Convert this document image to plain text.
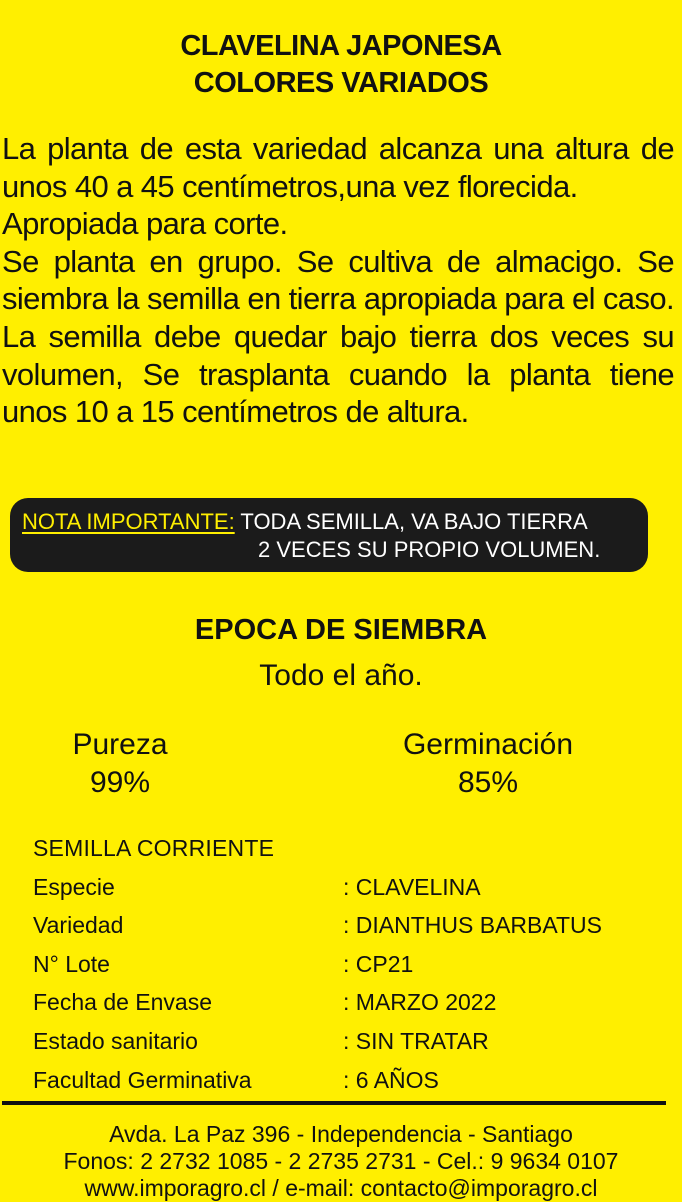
CLAVELINA JAPONESA
COLORES VARIADOS

La planta de esta variedad alcanza una altura de unos 40 a 45 centímetros,una vez florecida.

Apropiada para corte.

Se planta en grupo. Se cultiva de almacigo. Se siembra la semilla en tierra apropiada para el caso. La semilla debe quedar bajo tierra dos veces su volumen, Se trasplanta cuando la planta tiene unos 10 a 15 centímetros de altura.

NOTA IMPORTANTE: TODA SEMILLA, VA BAJO TIERRA
2 VECES SU PROPIO VOLUMEN.
EPOCA DE SIEMBRA
Todo el año.
Pureza
99%
Germinación
85%
SEMILLA CORRIENTE
Especie	: CLAVELINA
Variedad	: DIANTHUS BARBATUS
N° Lote	: CP21
Fecha de Envase	: MARZO 2022
Estado sanitario	: SIN TRATAR
Facultad Germinativa	: 6 AÑOS
Avda. La Paz 396 - Independencia - Santiago
Fonos: 2 2732 1085 - 2 2735 2731 - Cel.: 9 9634 0107
www.imporagro.cl / e-mail: contacto@imporagro.cl
